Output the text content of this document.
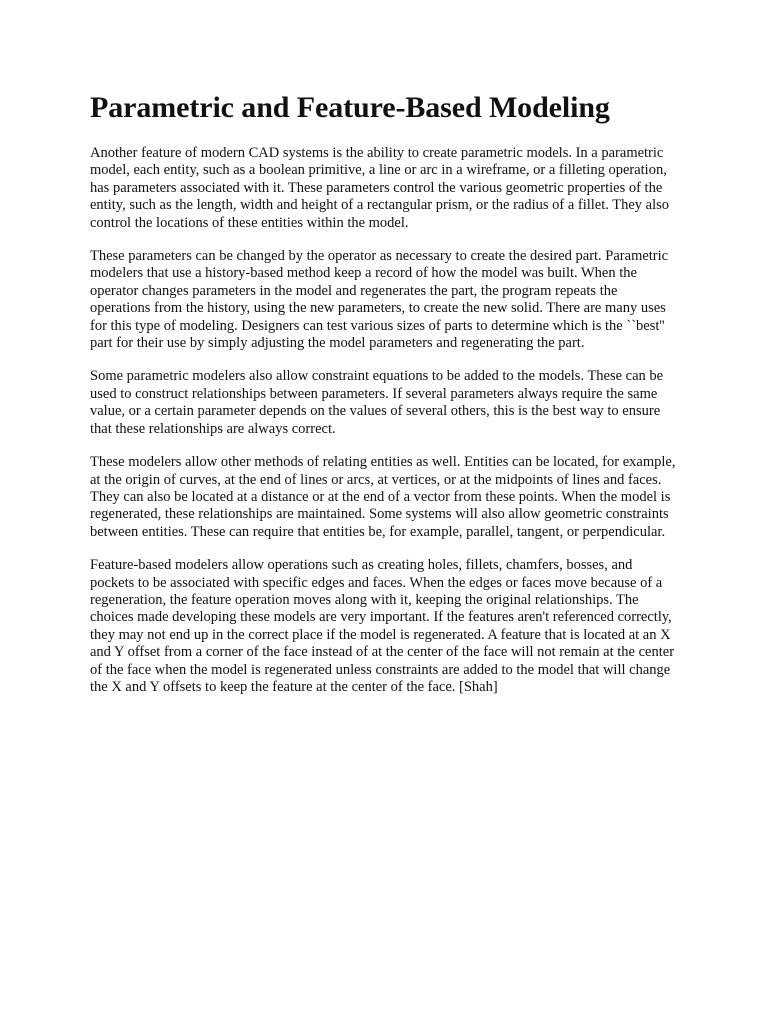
Parametric and Feature-Based Modeling

Another feature of modern CAD systems is the ability to create parametric models. In a parametric model, each entity, such as a boolean primitive, a line or arc in a wireframe, or a filleting operation, has parameters associated with it. These parameters control the various geometric properties of the entity, such as the length, width and height of a rectangular prism, or the radius of a fillet. They also control the locations of these entities within the model.

These parameters can be changed by the operator as necessary to create the desired part. Parametric modelers that use a history-based method keep a record of how the model was built. When the operator changes parameters in the model and regenerates the part, the program repeats the operations from the history, using the new parameters, to create the new solid. There are many uses for this type of modeling. Designers can test various sizes of parts to determine which is the ``best'' part for their use by simply adjusting the model parameters and regenerating the part.

Some parametric modelers also allow constraint equations to be added to the models. These can be used to construct relationships between parameters. If several parameters always require the same value, or a certain parameter depends on the values of several others, this is the best way to ensure that these relationships are always correct.

These modelers allow other methods of relating entities as well. Entities can be located, for example, at the origin of curves, at the end of lines or arcs, at vertices, or at the midpoints of lines and faces. They can also be located at a distance or at the end of a vector from these points. When the model is regenerated, these relationships are maintained. Some systems will also allow geometric constraints between entities. These can require that entities be, for example, parallel, tangent, or perpendicular.

Feature-based modelers allow operations such as creating holes, fillets, chamfers, bosses, and pockets to be associated with specific edges and faces. When the edges or faces move because of a regeneration, the feature operation moves along with it, keeping the original relationships. The choices made developing these models are very important. If the features aren't referenced correctly, they may not end up in the correct place if the model is regenerated. A feature that is located at an X and Y offset from a corner of the face instead of at the center of the face will not remain at the center of the face when the model is regenerated unless constraints are added to the model that will change the X and Y offsets to keep the feature at the center of the face. [Shah]
